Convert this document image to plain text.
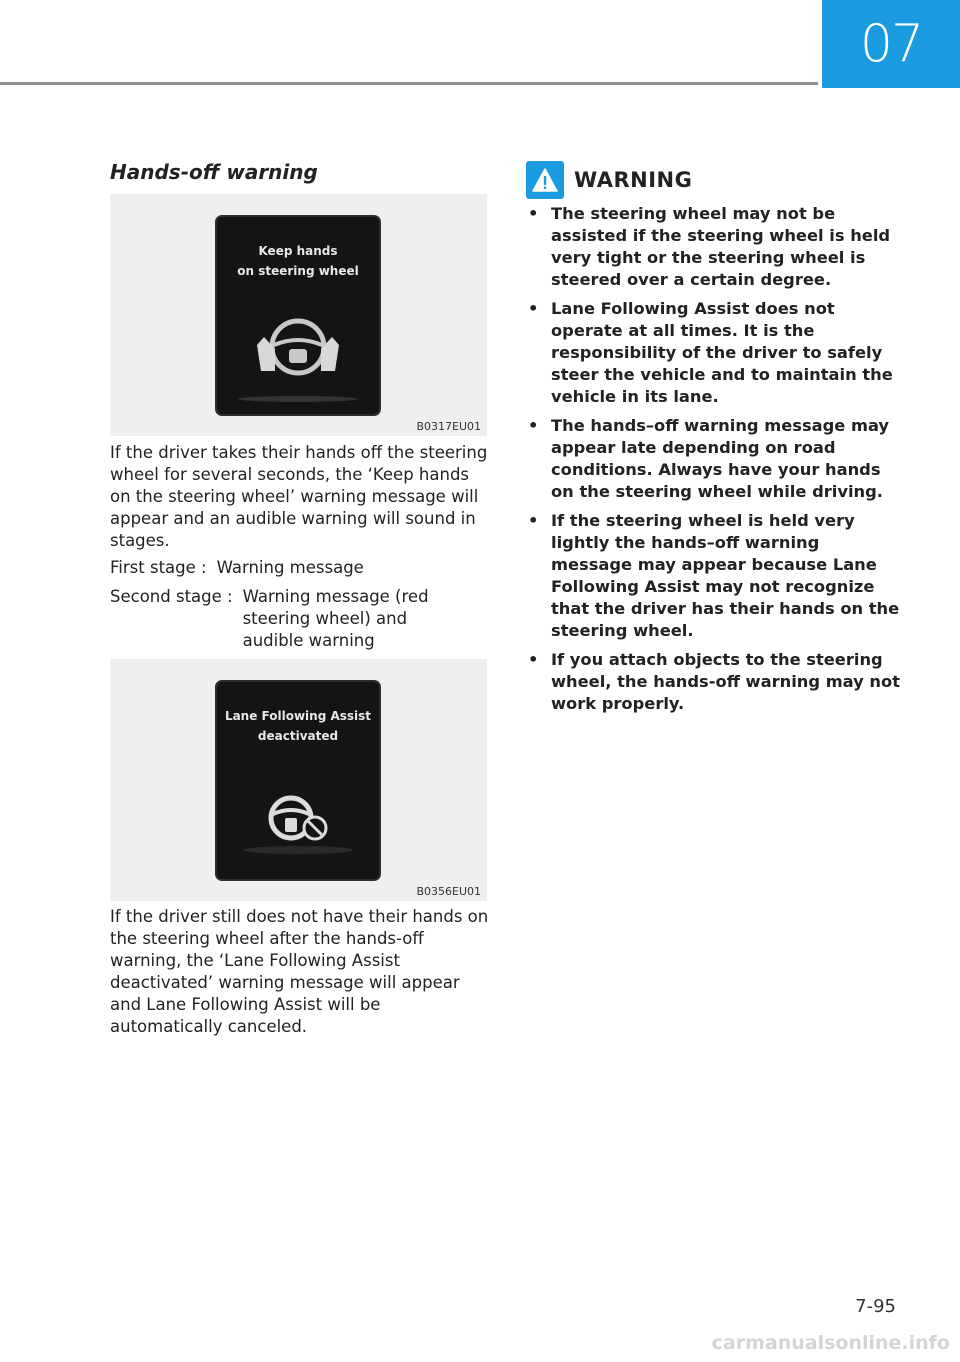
07
Hands-off warning
Keep hands
on steering wheel
B0317EU01

If the driver takes their hands off the steering wheel for several seconds, the ‘Keep hands on the steering wheel’ warning message will appear and an audible warning will sound in stages.

First stage : Warning message
Second stage : Warning message (red steering wheel) and audible warning
Lane Following Assist
deactivated
B0356EU01

If the driver still does not have their hands on the steering wheel after the hands-off warning, the ‘Lane Following Assist deactivated’ warning message will appear and Lane Following Assist will be automatically canceled.

WARNING
• The steering wheel may not be assisted if the steering wheel is held very tight or the steering wheel is steered over a certain degree.
• Lane Following Assist does not operate at all times. It is the responsibility of the driver to safely steer the vehicle and to maintain the vehicle in its lane.
• The hands–off warning message may appear late depending on road conditions. Always have your hands on the steering wheel while driving.
• If the steering wheel is held very lightly the hands–off warning message may appear because Lane Following Assist may not recognize that the driver has their hands on the steering wheel.
• If you attach objects to the steering wheel, the hands-off warning may not work properly.
7-95
carmanualsonline.info
